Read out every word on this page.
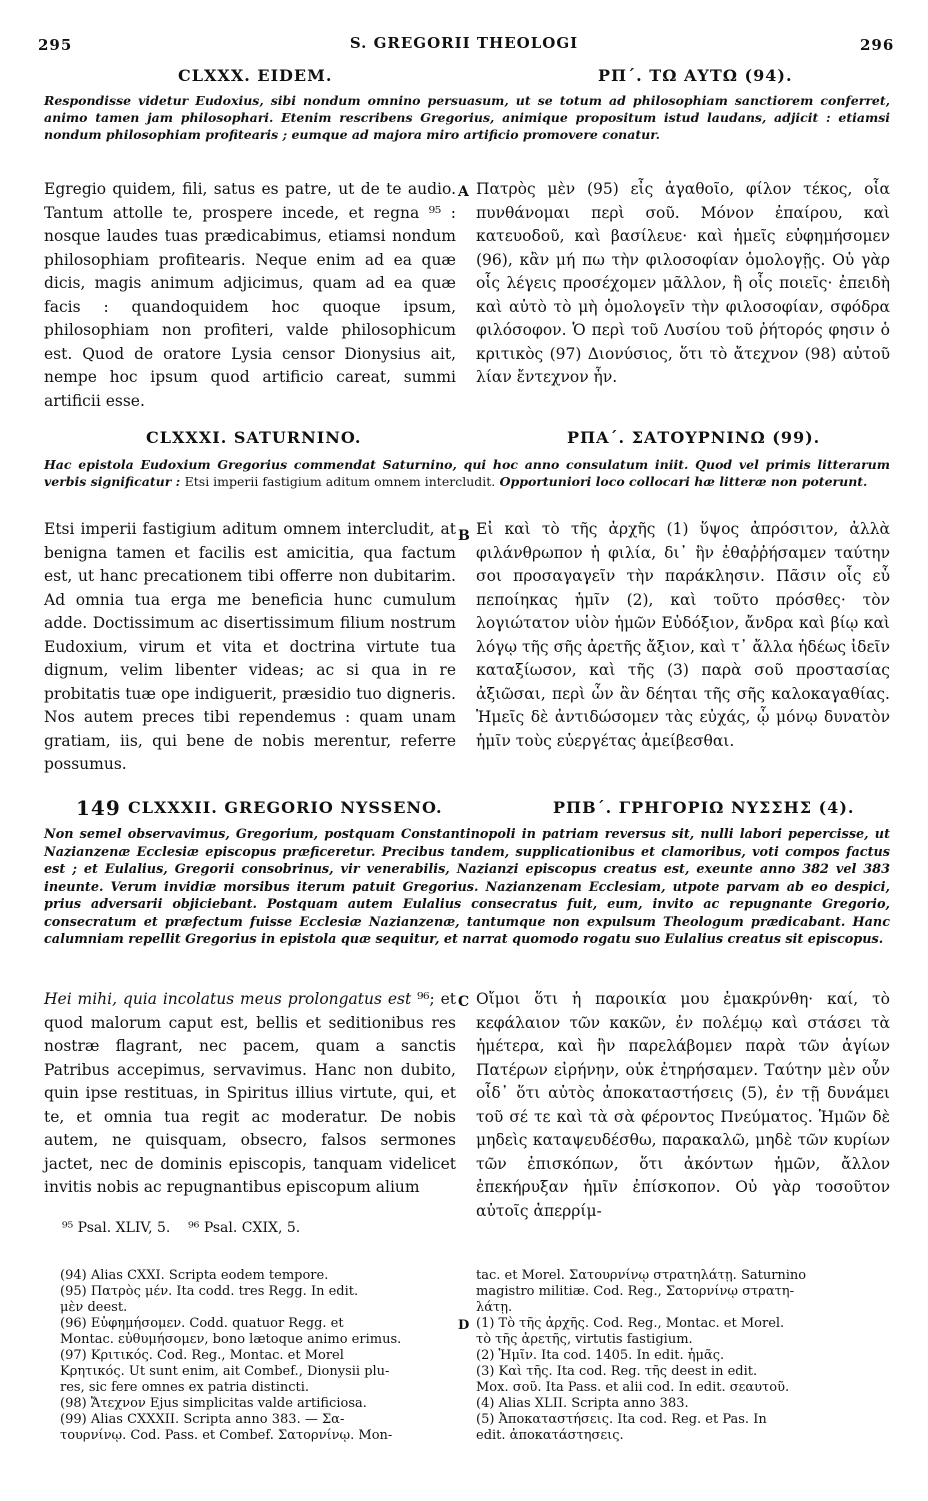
295	S. GREGORII THEOLOGI	296
CLXXX. EIDEM.	ΡΠ΄. ΤΩ ΑΥΤΩ (94).
Respondisse videtur Eudoxius, sibi nondum omnino persuasum, ut se totum ad philosophiam sanctiorem conferret, animo tamen jam philosophari. Etenim rescribens Gregorius, animique propositum istud laudans, adjicit : etiamsi nondum philosophiam profitearis ; eumque ad majora miro artificio promovere conatur.
Egregio quidem, fili, satus es patre, ut de te audio. Tantum attolle te, prospere incede, et regna ⁹⁵ : nosque laudes tuas prædicabimus, etiamsi nondum philosophiam profitearis. Neque enim ad ea quæ dicis, magis animum adjicimus, quam ad ea quæ facis : quandoquidem hoc quoque ipsum, philosophiam non profiteri, valde philosophicum est. Quod de oratore Lysia censor Dionysius ait, nempe hoc ipsum quod artificio careat, summi artificii esse.
A Πατρὸς μὲν (95) εἶς ἀγαθοῖο, φίλον τέκος, οἷα πυνθάνομαι περὶ σοῦ. Μόνον ἐπαίρου, καὶ κατευοδοῦ, καὶ βασίλευε· καὶ ἡμεῖς εὐφημήσομεν (96), κἂν μή πω τὴν φιλοσοφίαν ὁμολογῇς. Οὐ γὰρ οἷς λέγεις προσέχομεν μᾶλλον, ἢ οἷς ποιεῖς· ἐπειδὴ καὶ αὐτὸ τὸ μὴ ὁμολογεῖν τὴν φιλοσοφίαν, σφόδρα φιλόσοφον. Ὁ περὶ τοῦ Λυσίου τοῦ ῥήτορός φησιν ὁ κριτικὸς (97) Διονύσιος, ὅτι τὸ ἄτεχνον (98) αὐτοῦ λίαν ἔντεχνον ἦν.
CLXXXI. SATURNINO.	ΡΠΑ΄. ΣΑΤΟΥΡΝΙΝΩ (99).
Hac epistola Eudoxium Gregorius commendat Saturnino, qui hoc anno consulatum iniit. Quod vel primis litterarum verbis significatur : Etsi imperii fastigium aditum omnem intercludit. Opportuniori loco collocari hæ litteræ non poterunt.
Etsi imperii fastigium aditum omnem intercludit, at benigna tamen et facilis est amicitia, qua factum est, ut hanc precationem tibi offerre non dubitarim. Ad omnia tua erga me beneficia hunc cumulum adde. Doctissimum ac disertissimum filium nostrum Eudoxium, virum et vita et doctrina virtute tua dignum, velim libenter videas; ac si qua in re probitatis tuæ ope indiguerit, præsidio tuo digneris. Nos autem preces tibi rependemus : quam unam gratiam, iis, qui bene de nobis merentur, referre possumus.
B Εἰ καὶ τὸ τῆς ἀρχῆς (1) ὕψος ἀπρόσιτον, ἀλλὰ φιλάνθρωπον ἡ φιλία, δι᾽ ἣν ἐθαῤῥήσαμεν ταύτην σοι προσαγαγεῖν τὴν παράκλησιν. Πᾶσιν οἷς εὖ πεποίηκας ἡμῖν (2), καὶ τοῦτο πρόσθες· τὸν λογιώτατον υἱὸν ἡμῶν Εὐδόξιον, ἄνδρα καὶ βίῳ καὶ λόγῳ τῆς σῆς ἀρετῆς ἄξιον, καὶ τ᾽ ἄλλα ἡδέως ἰδεῖν καταξίωσον, καὶ τῆς (3) παρὰ σοῦ προστασίας ἀξιῶσαι, περὶ ὧν ἂν δέηται τῆς σῆς καλοκαγαθίας. Ἡμεῖς δὲ ἀντιδώσομεν τὰς εὐχάς, ᾧ μόνῳ δυνατὸν ἡμῖν τοὺς εὐεργέτας ἀμείβεσθαι.
149 CLXXXII. GREGORIO NYSSENO.	ΡΠΒ΄. ΓΡΗΓΟΡΙΩ ΝΥΣΣΗΣ (4).
Non semel observavimus, Gregorium, postquam Constantinopoli in patriam reversus sit, nulli labori pepercisse, ut Nazianzenæ Ecclesiæ episcopus præficeretur. Precibus tandem, supplicationibus et clamoribus, voti compos factus est ; et Eulalius, Gregorii consobrinus, vir venerabilis, Nazianzi episcopus creatus est, exeunte anno 382 vel 383 ineunte. Verum invidiæ morsibus iterum patuit Gregorius. Nazianzenam Ecclesiam, utpote parvam ab eo despici, prius adversarii objiciebant. Postquam autem Eulalius consecratus fuit, eum, invito ac repugnante Gregorio, consecratum et præfectum fuisse Ecclesiæ Nazianzenæ, tantumque non expulsum Theologum prædicabant. Hanc calumniam repellit Gregorius in epistola quæ sequitur, et narrat quomodo rogatu suo Eulalius creatus sit episcopus.
Hei mihi, quia incolatus meus prolongatus est ⁹⁶; et quod malorum caput est, bellis et seditionibus res nostræ flagrant, nec pacem, quam a sanctis Patribus accepimus, servavimus. Hanc non dubito, quin ipse restituas, in Spiritus illius virtute, qui, et te, et omnia tua regit ac moderatur. De nobis autem, ne quisquam, obsecro, falsos sermones jactet, nec de dominis episcopis, tanquam videlicet invitis nobis ac repugnantibus episcopum alium
C Οἴμοι ὅτι ἡ παροικία μου ἐμακρύνθη· καί, τὸ κεφάλαιον τῶν κακῶν, ἐν πολέμῳ καὶ στάσει τὰ ἡμέτερα, καὶ ἣν παρελάβομεν παρὰ τῶν ἁγίων Πατέρων εἰρήνην, οὐκ ἐτηρήσαμεν. Ταύτην μὲν οὖν οἶδ᾽ ὅτι αὐτὸς ἀποκαταστήσεις (5), ἐν τῇ δυνάμει τοῦ σέ τε καὶ τὰ σὰ φέροντος Πνεύματος. Ἡμῶν δὲ μηδεὶς καταψευδέσθω, παρακαλῶ, μηδὲ τῶν κυρίων τῶν ἐπισκόπων, ὅτι ἀκόντων ἡμῶν, ἄλλον ἐπεκήρυξαν ἡμῖν ἐπίσκοπον. Οὐ γὰρ τοσοῦτον αὐτοῖς ἀπερρίμ-
⁹⁵ Psal. XLIV, 5.    ⁹⁶ Psal. CXIX, 5.
(94) Alias CXXI. Scripta eodem tempore.
(95) Πατρὸς μέν. Ita codd. tres Regg. In edit.
μὲν deest.
(96) Εὐφημήσομεν. Codd. quatuor Regg. et
Montac. εὐθυμήσομεν, bono lætoque animo erimus.
(97) Κριτικός. Cod. Reg., Montac. et Morel
Κρητικός. Ut sunt enim, ait Combef., Dionysii plu-
res, sic fere omnes ex patria distincti.
(98) Ἄτεχνον Ejus simplicitas valde artificiosa.
(99) Alias CXXXII. Scripta anno 383. — Σα-
τουρνίνῳ. Cod. Pass. et Combef. Σατορνίνῳ. Mon-
D
tac. et Morel. Σατουρνίνῳ στρατηλάτῃ. Saturnino
magistro militiæ. Cod. Reg., Σατορνίνῳ στρατη-
λάτῃ.
(1) Τὸ τῆς ἀρχῆς. Cod. Reg., Montac. et Morel.
τὸ τῆς ἀρετῆς, virtutis fastigium.
(2) Ἡμῖν. Ita cod. 1405. In edit. ἡμᾶς.
(3) Καὶ τῆς. Ita cod. Reg. τῆς deest in edit.
Mox. σοῦ. Ita Pass. et alii cod. In edit. σεαυτοῦ.
(4) Alias XLII. Scripta anno 383.
(5) Ἀποκαταστήσεις. Ita cod. Reg. et Pas. In
edit. ἀποκατάστησεις.
